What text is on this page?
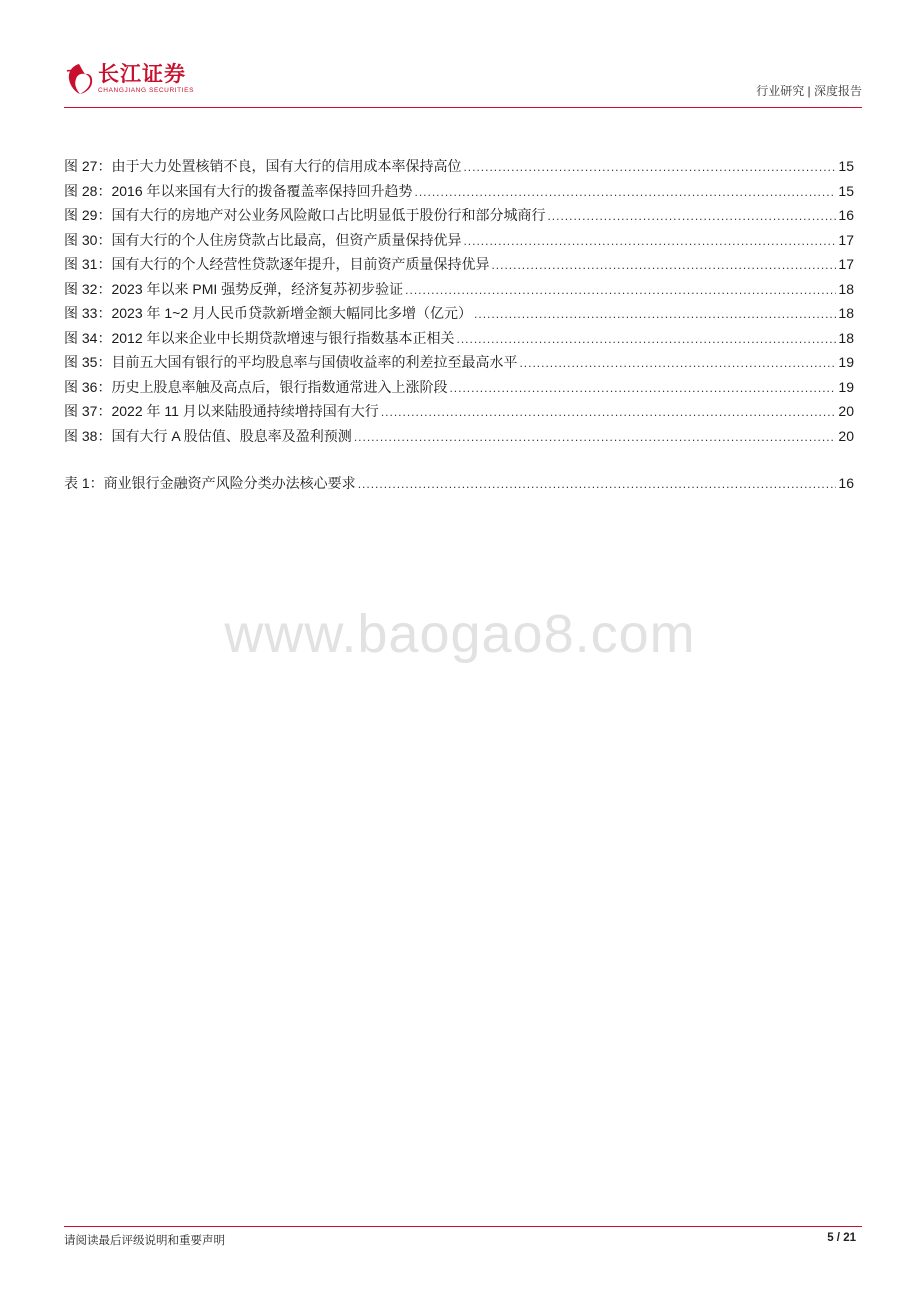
长江证券
CHANGJIANG SECURITIES	行业研究 | 深度报告
图 27：由于大力处置核销不良，国有大行的信用成本率保持高位 .....	15
图 28：2016 年以来国有大行的拨备覆盖率保持回升趋势 .....	15
图 29：国有大行的房地产对公业务风险敞口占比明显低于股份行和部分城商行 .....	16
图 30：国有大行的个人住房贷款占比最高，但资产质量保持优异 .....	17
图 31：国有大行的个人经营性贷款逐年提升，目前资产质量保持优异 .....	17
图 32：2023 年以来 PMI 强势反弹，经济复苏初步验证 .....	18
图 33：2023 年 1~2 月人民币贷款新增金额大幅同比多增（亿元） .....	18
图 34：2012 年以来企业中长期贷款增速与银行指数基本正相关 .....	18
图 35：目前五大国有银行的平均股息率与国债收益率的利差拉至最高水平 .....	19
图 36：历史上股息率触及高点后，银行指数通常进入上涨阶段 .....	19
图 37：2022 年 11 月以来陆股通持续增持国有大行 .....	20
图 38：国有大行 A 股估值、股息率及盈利预测 .....	20
表 1：商业银行金融资产风险分类办法核心要求 .....	16
www.baogao8.com
请阅读最后评级说明和重要声明	5 / 21
